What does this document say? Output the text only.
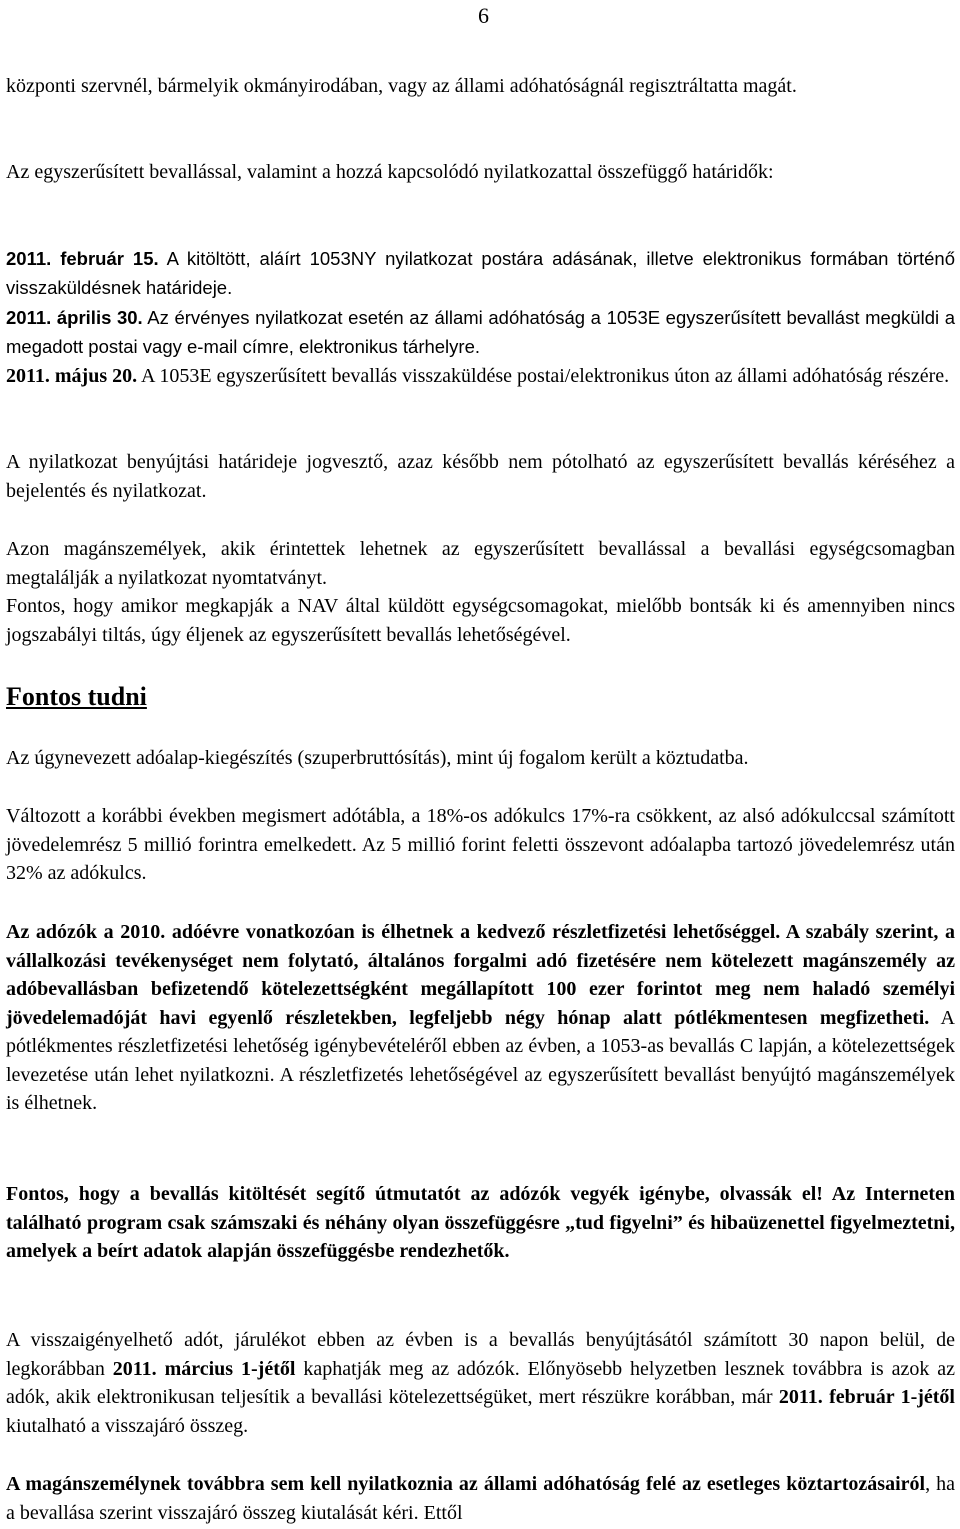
6

központi szervnél, bármelyik okmányirodában, vagy az állami adóhatóságnál regisztráltatta magát.

Az egyszerűsített bevallással, valamint a hozzá kapcsolódó nyilatkozattal összefüggő határidők:

2011. február 15. A kitöltött, aláírt 1053NY nyilatkozat postára adásának, illetve elektronikus formában történő visszaküldésnek határideje.

2011. április 30. Az érvényes nyilatkozat esetén az állami adóhatóság a 1053E egyszerűsített bevallást megküldi a megadott postai vagy e-mail címre, elektronikus tárhelyre.

2011. május 20. A 1053E egyszerűsített bevallás visszaküldése postai/elektronikus úton az állami adóhatóság részére.

A nyilatkozat benyújtási határideje jogvesztő, azaz később nem pótolható az egyszerűsített bevallás kéréséhez a bejelentés és nyilatkozat.

Azon magánszemélyek, akik érintettek lehetnek az egyszerűsített bevallással a bevallási egységcsomagban megtalálják a nyilatkozat nyomtatványt.

Fontos, hogy amikor megkapják a NAV által küldött egységcsomagokat, mielőbb bontsák ki és amennyiben nincs jogszabályi tiltás, úgy éljenek az egyszerűsített bevallás lehetőségével.

Fontos tudni

Az úgynevezett adóalap-kiegészítés (szuperbruttósítás), mint új fogalom került a köztudatba.

Változott a korábbi években megismert adótábla, a 18%-os adókulcs 17%-ra csökkent, az alsó adókulccsal számított jövedelemrész 5 millió forintra emelkedett. Az 5 millió forint feletti összevont adóalapba tartozó jövedelemrész után 32% az adókulcs.

Az adózók a 2010. adóévre vonatkozóan is élhetnek a kedvező részletfizetési lehetőséggel. A szabály szerint, a vállalkozási tevékenységet nem folytató, általános forgalmi adó fizetésére nem kötelezett magánszemély az adóbevallásban befizetendő kötelezettségként megállapított 100 ezer forintot meg nem haladó személyi jövedelemadóját havi egyenlő részletekben, legfeljebb négy hónap alatt pótlékmentesen megfizetheti. A pótlékmentes részletfizetési lehetőség igénybevételéről ebben az évben, a 1053-as bevallás C lapján, a kötelezettségek levezetése után lehet nyilatkozni. A részletfizetés lehetőségével az egyszerűsített bevallást benyújtó magánszemélyek is élhetnek.

Fontos, hogy a bevallás kitöltését segítő útmutatót az adózók vegyék igénybe, olvassák el! Az Interneten található program csak számszaki és néhány olyan összefüggésre „tud figyelni” és hibaüzenettel figyelmeztetni, amelyek a beírt adatok alapján összefüggésbe rendezhetők.

A visszaigényelhető adót, járulékot ebben az évben is a bevallás benyújtásától számított 30 napon belül, de legkorábban 2011. március 1-jétől kaphatják meg az adózók. Előnyösebb helyzetben lesznek továbbra is azok az adók, akik elektronikusan teljesítik a bevallási kötelezettségüket, mert részükre korábban, már 2011. február 1-jétől kiutalható a visszajáró összeg.

A magánszemélynek továbbra sem kell nyilatkoznia az állami adóhatóság felé az esetleges köztartozásairól, ha a bevallása szerint visszajáró összeg kiutalását kéri. Ettől
